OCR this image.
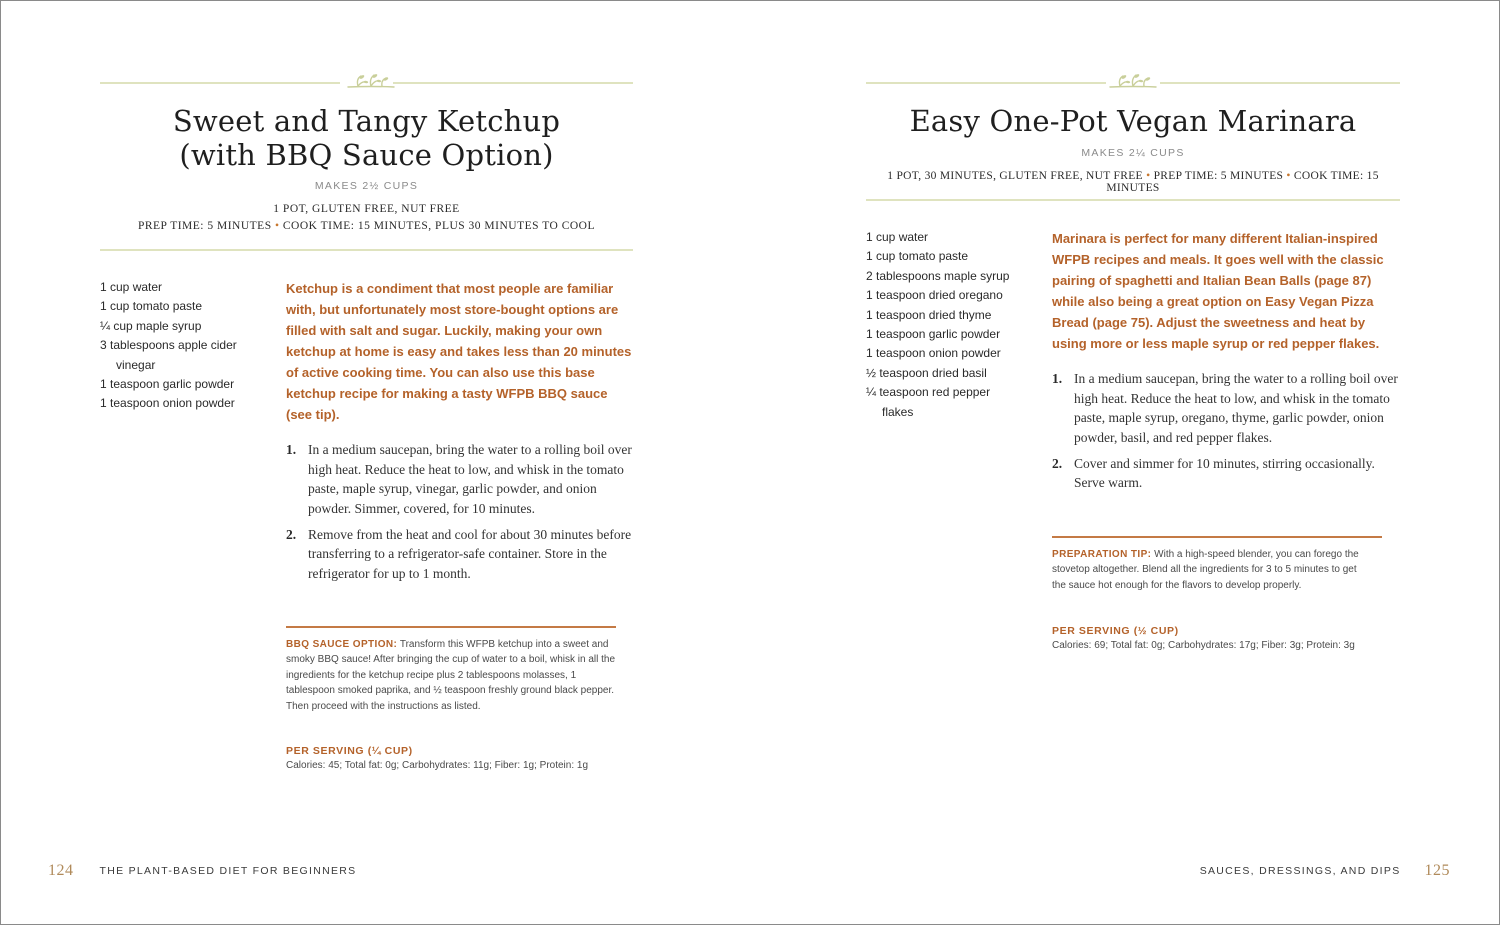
Sweet and Tangy Ketchup
(with BBQ Sauce Option)
MAKES 2½ CUPS
1 POT, GLUTEN FREE, NUT FREE
PREP TIME: 5 MINUTES • COOK TIME: 15 MINUTES, PLUS 30 MINUTES TO COOL
1 cup water
1 cup tomato paste
¼ cup maple syrup
3 tablespoons apple cider vinegar
1 teaspoon garlic powder
1 teaspoon onion powder

Ketchup is a condiment that most people are familiar with, but unfortunately most store-bought options are filled with salt and sugar. Luckily, making your own ketchup at home is easy and takes less than 20 minutes of active cooking time. You can also use this base ketchup recipe for making a tasty WFPB BBQ sauce (see tip).

1. In a medium saucepan, bring the water to a rolling boil over high heat. Reduce the heat to low, and whisk in the tomato paste, maple syrup, vinegar, garlic powder, and onion powder. Simmer, covered, for 10 minutes.
2. Remove from the heat and cool for about 30 minutes before transferring to a refrigerator-safe container. Store in the refrigerator for up to 1 month.

BBQ SAUCE OPTION: Transform this WFPB ketchup into a sweet and smoky BBQ sauce! After bringing the cup of water to a boil, whisk in all the ingredients for the ketchup recipe plus 2 tablespoons molasses, 1 tablespoon smoked paprika, and ½ teaspoon freshly ground black pepper. Then proceed with the instructions as listed.

PER SERVING (¼ CUP)
Calories: 45; Total fat: 0g; Carbohydrates: 11g; Fiber: 1g; Protein: 1g
Easy One-Pot Vegan Marinara
MAKES 2¼ CUPS
1 POT, 30 MINUTES, GLUTEN FREE, NUT FREE • PREP TIME: 5 MINUTES • COOK TIME: 15 MINUTES
1 cup water
1 cup tomato paste
2 tablespoons maple syrup
1 teaspoon dried oregano
1 teaspoon dried thyme
1 teaspoon garlic powder
1 teaspoon onion powder
½ teaspoon dried basil
¼ teaspoon red pepper flakes

Marinara is perfect for many different Italian-inspired WFPB recipes and meals. It goes well with the classic pairing of spaghetti and Italian Bean Balls (page 87) while also being a great option on Easy Vegan Pizza Bread (page 75). Adjust the sweetness and heat by using more or less maple syrup or red pepper flakes.

1. In a medium saucepan, bring the water to a rolling boil over high heat. Reduce the heat to low, and whisk in the tomato paste, maple syrup, oregano, thyme, garlic powder, onion powder, basil, and red pepper flakes.
2. Cover and simmer for 10 minutes, stirring occasionally. Serve warm.

PREPARATION TIP: With a high-speed blender, you can forego the stovetop altogether. Blend all the ingredients for 3 to 5 minutes to get the sauce hot enough for the flavors to develop properly.

PER SERVING (½ CUP)
Calories: 69; Total fat: 0g; Carbohydrates: 17g; Fiber: 3g; Protein: 3g
124 THE PLANT-BASED DIET FOR BEGINNERS	SAUCES, DRESSINGS, AND DIPS 125
